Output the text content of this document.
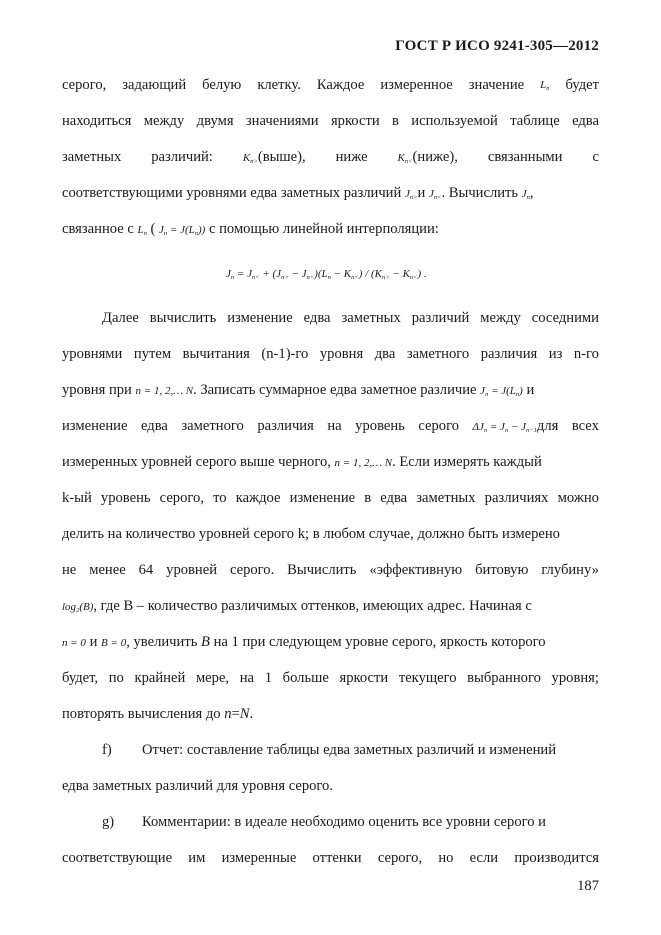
ГОСТ Р ИСО 9241-305—2012
серого, задающий белую клетку. Каждое измеренное значение Ln будет
находиться между двумя значениями яркости в используемой таблице едва
заметных различий:	Kn>(выше), ниже	Kn<(ниже), связанными с
соответствующими уровнями едва заметных различий Jn>и Jn<. Вычислить Jn,
связанное с Ln ( Jn = J(Ln)) с помощью линейной интерполяции:
Jn = Jn< + (Jn> − Jn<)(Ln − Kn<) / (Kn> − Kn<) .
Далее вычислить изменение едва заметных различий между соседними
уровнями путем вычитания (n-1)-го уровня два заметного различия из n-го
уровня при n = 1, 2,… N. Записать суммарное едва заметное различие Jn = J(Ln) и
изменение едва заметного различия на уровень серого ΔJn = Jn − Jn−1для всех
измеренных уровней серого выше черного, n = 1, 2,… N. Если измерять каждый
k-ый уровень серого, то каждое изменение в едва заметных различиях можно
делить на количество уровней серого k; в любом случае, должно быть измерено
не менее 64 уровней серого. Вычислить «эффективную битовую глубину»
log2(B), где В – количество различимых оттенков, имеющих адрес. Начиная с
n = 0 и B = 0, увеличить B на 1 при следующем уровне серого, яркость которого
будет, по крайней мере, на 1 больше яркости текущего выбранного уровня;
повторять вычисления до n=N.
f) Отчет: составление таблицы едва заметных различий и изменений
едва заметных различий для уровня серого.
g) Комментарии: в идеале необходимо оценить все уровни серого и
соответствующие им измеренные оттенки серого, но если производится
187
